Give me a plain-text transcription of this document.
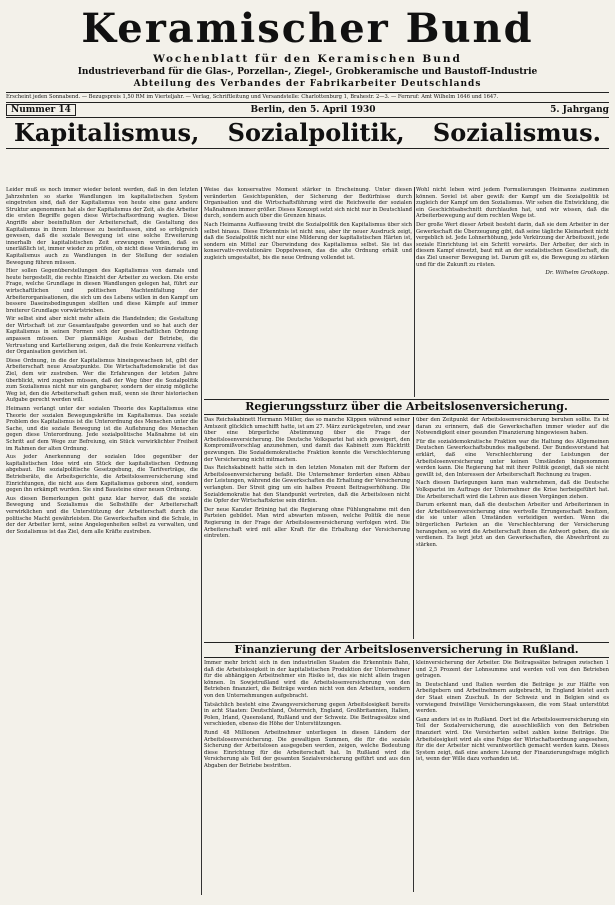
Keramischer Bund
Wochenblatt für den Keramischen Bund
Industrieverband für die Glas-, Porzellan-, Ziegel-, Grobkeramische und Baustoff-Industrie
Abteilung des Verbandes der Fabrikarbeiter Deutschlands
Erscheint jeden Sonnabend. — Bezugspreis 1,50 RM im Vierteljahr. — Verlag, Schriftleitung und Versandstelle: Charlottenburg 1, Brahestr. 2—3. — Fernruf: Amt Wilhelm 1646 und 1647.
Nummer 14	Berlin, den 5. April 1930	5. Jahrgang
Kapitalismus, Sozialpolitik, Sozialismus.

Leider muß es noch immer wieder betont werden, daß in den letzten Jahrzehnten so starke Wandlungen im kapitalistischen System eingetreten sind, daß der Kapitalismus von heute eine ganz andere Struktur angenommen hat als der Kapitalismus der Zeit, als die Arbeiter die ersten Begriffe gegen diese Wirtschaftsordnung wagten. Diese Angriffe aber beeinflußten der Arbeiterschaft, die Gestaltung des Kapitalismus in ihrem Interesse zu beeinflussen, sind so erfolgreich gewesen, daß die soziale Bewegung ist eine solche Erweiterung innerhalb der kapitalistischen Zeit erzwungen worden, daß es unerläßlich ist, immer wieder zu prüfen, ob nicht diese Veränderung im Kapitalismus auch zu Wandlungen in der Stellung der sozialen Bewegung führen müssen.

Hier sollen Gegenüberstellungen des Kapitalismus von damals und heute hergestellt, die rechte Einsicht der Arbeiter zu wecken. Die erste Frage, welche Grundlage in diesen Wandlungen gelegen hat, führt zur wirtschaftlichen und politischen Machtentfaltung der Arbeiterorganisationen, die sich um des Lebens willen in den Kampf um bessere Daseinsbedingungen stellten und diese Kämpfe auf immer breiterer Grundlage vorwärtstrieben.

Wir selbst sind aber nicht mehr allein die Handelnden; die Gestaltung der Wirtschaft ist zur Gesamtaufgabe geworden und so hat auch der Kapitalismus in seinen Formen sich der gesellschaftlichen Ordnung anpassen müssen. Der planmäßige Ausbau der Betriebe, die Vertrustung und Kartellierung zeigen, daß die freie Konkurrenz vielfach der Organisation gewichen ist.

Diese Ordnung, in die der Kapitalismus hineingewachsen ist, gibt der Arbeiterschaft neue Ansatzpunkte. Die Wirtschaftsdemokratie ist das Ziel, dem wir zustreben. Wer die Erfahrungen der letzten Jahre überblickt, wird zugeben müssen, daß der Weg über die Sozialpolitik zum Sozialismus nicht nur ein gangbarer, sondern der einzig mögliche Weg ist, den die Arbeiterschaft gehen muß, wenn sie ihrer historischen Aufgabe gerecht werden will.

Heimann verlangt unter der sozialen Theorie des Kapitalismus eine Theorie der sozialen Bewegungskräfte im Kapitalismus. Das soziale Problem des Kapitalismus ist die Unterordnung des Menschen unter die Sache, und die soziale Bewegung ist die Auflehnung des Menschen gegen diese Unterordnung. Jede sozialpolitische Maßnahme ist ein Schritt auf dem Wege zur Befreiung, ein Stück verwirklichter Freiheit im Rahmen der alten Ordnung.

Aus jeder Anerkennung der sozialen Idee gegenüber der kapitalistischen Idee wird ein Stück der kapitalistischen Ordnung abgebaut. Die sozialpolitische Gesetzgebung, die Tarifverträge, die Betriebsräte, die Arbeitsgerichte, die Arbeitslosenversicherung sind Einrichtungen, die nicht aus dem Kapitalismus geboren sind, sondern gegen ihn erkämpft wurden. Sie sind Bausteine einer neuen Ordnung.

Aus diesen Bemerkungen geht ganz klar hervor, daß die soziale Bewegung und Sozialismus die Selbsthilfe der Arbeiterschaft verwirklichen und die Unterstützung der Arbeiterschaft durch die politische Macht gewährleisten. Die Gewerkschaften sind die Schule, in der der Arbeiter lernt, seine Angelegenheiten selbst zu verwalten, und der Sozialismus ist das Ziel, dem alle Kräfte zustreben.

Weise das konservative Moment stärker in Erscheinung. Unter diesen veränderten Gesichtspunkten, der Sicherung der Bedürfnisse durch Organisation und die Wirtschaftsführung wird die Reichweite der sozialen Maßnahmen immer größer. Dieses Konzept setzt sich nicht nur in Deutschland durch, sondern auch über die Grenzen hinaus.

Nach Heimanns Auffassung treibt die Sozialpolitik den Kapitalismus über sich selbst hinaus. Diese Erkenntnis ist nicht neu, aber ihr neuer Ausdruck zeigt, daß die Sozialpolitik nicht nur eine Milderung der kapitalistischen Härten ist, sondern ein Mittel zur Überwindung des Kapitalismus selbst. Sie ist das konservativ-revolutionäre Doppelwesen, das die alte Ordnung erhält und zugleich umgestaltet, bis die neue Ordnung vollendet ist.

Wohl nicht leben wird jedem Formulierungen Heimanns zustimmen können. Soviel ist aber gewiß: der Kampf um die Sozialpolitik ist zugleich der Kampf um den Sozialismus. Wir sehen die Entwicklung, die ein Geschichtsabschnitt durchlaufen hat, und wir wissen, daß die Arbeiterbewegung auf dem rechten Wege ist.

Der große Wert dieser Arbeit besteht darin, daß sie dem Arbeiter in der Gewerkschaft die Überzeugung gibt, daß seine tägliche Kleinarbeit nicht vergeblich ist. Jede Lohnerhöhung, jede Verkürzung der Arbeitszeit, jede soziale Einrichtung ist ein Schritt vorwärts. Der Arbeiter, der sich in diesem Kampf einsetzt, baut mit an der sozialistischen Gesellschaft, die das Ziel unserer Bewegung ist. Darum gilt es, die Bewegung zu stärken und für die Zukunft zu rüsten.

Dr. Wilhelm Grotkopp.
Regierungssturz über die Arbeitslosenversicherung.

Das Reichskabinett Hermann Müller, das so manche Klippen während seiner Amtszeit glücklich umschifft hatte, ist am 27. März zurückgetreten, und zwar über eine bürgerliche Abstimmung über die Frage der Arbeitslosenversicherung. Die Deutsche Volkspartei hat sich geweigert, den Kompromißvorschlag anzunehmen, und damit das Kabinett zum Rücktritt gezwungen. Die Sozialdemokratische Fraktion konnte die Verschlechterung der Versicherung nicht mitmachen.

Das Reichskabinett hatte sich in den letzten Monaten mit der Reform der Arbeitslosenversicherung befaßt. Die Unternehmer forderten einen Abbau der Leistungen, während die Gewerkschaften die Erhaltung der Versicherung verlangten. Der Streit ging um ein halbes Prozent Beitragserhöhung. Die Sozialdemokratie hat den Standpunkt vertreten, daß die Arbeitslosen nicht die Opfer der Wirtschaftskrise sein dürfen.

Der neue Kanzler Brüning hat die Regierung ohne Fühlungnahme mit den Parteien gebildet. Man wird abwarten müssen, welche Politik die neue Regierung in der Frage der Arbeitslosenversicherung verfolgen wird. Die Arbeiterschaft wird mit aller Kraft für die Erhaltung der Versicherung eintreten.

über den Zeitpunkt der Arbeitslosenversicherung beruhen sollte. Es ist daran zu erinnern, daß die Gewerkschaften immer wieder auf die Notwendigkeit einer gesunden Finanzierung hingewiesen haben.

Für die sozialdemokratische Fraktion war die Haltung des Allgemeinen Deutschen Gewerkschaftsbundes maßgebend. Der Bundesvorstand hat erklärt, daß eine Verschlechterung der Leistungen der Arbeitslosenversicherung unter keinen Umständen hingenommen werden kann. Die Regierung hat mit ihrer Politik gezeigt, daß sie nicht gewillt ist, den Interessen der Arbeiterschaft Rechnung zu tragen.

Nach diesen Darlegungen kann man wahrnehmen, daß die Deutsche Volkspartei im Auftrage der Unternehmer die Krise herbeigeführt hat. Die Arbeiterschaft wird die Lehren aus diesen Vorgängen ziehen.

Darum erkennt man, daß die deutschen Arbeiter und Arbeiterinnen in der Arbeitslosenversicherung eine wertvolle Errungenschaft besitzen, die sie unter allen Umständen verteidigen werden. Wenn die bürgerlichen Parteien an die Verschlechterung der Versicherung herangehen, so wird die Arbeiterschaft ihnen die Antwort geben, die sie verdienen. Es liegt jetzt an den Gewerkschaften, die Abwehrfront zu stärken.

Finanzierung der Arbeitslosenversicherung in Rußland.

Immer mehr bricht sich in den industriellen Staaten die Erkenntnis Bahn, daß die Arbeitslosigkeit in der kapitalistischen Produktion der Unternehmer für die abhängigen Arbeitnehmer ein Risiko ist, das sie nicht allein tragen können. In Sowjetrußland wird die Arbeitslosenversicherung von den Betrieben finanziert, die Beiträge werden nicht von den Arbeitern, sondern von den Unternehmungen aufgebracht.

Tatsächlich besteht eine Zwangsversicherung gegen Arbeitslosigkeit bereits in acht Staaten: Deutschland, Österreich, England, Großbritannien, Italien, Polen, Irland, Queensland, Rußland und der Schweiz. Die Beitragssätze sind verschieden, ebenso die Höhe der Unterstützungen.

Rund 48 Millionen Arbeitnehmer unterliegen in diesen Ländern der Arbeitslosenversicherung. Die gewaltigen Summen, die für die soziale Sicherung der Arbeitslosen ausgegeben werden, zeigen, welche Bedeutung diese Einrichtung für die Arbeiterschaft hat. In Rußland wird die Versicherung als Teil der gesamten Sozialversicherung geführt und aus den Abgaben der Betriebe bestritten.

kleinversicherung der Arbeiter. Die Beitragssätze betragen zwischen 1 und 2,5 Prozent der Lohnsumme und werden voll von den Betrieben getragen.

In Deutschland und Italien werden die Beiträge je zur Hälfte von Arbeitgebern und Arbeitnehmern aufgebracht, in England leistet auch der Staat einen Zuschuß. In der Schweiz und in Belgien sind es vorwiegend freiwillige Versicherungskassen, die vom Staat unterstützt werden.

Ganz anders ist es in Rußland. Dort ist die Arbeitslosenversicherung ein Teil der Sozialversicherung, die ausschließlich von den Betrieben finanziert wird. Die Versicherten selbst zahlen keine Beiträge. Die Arbeitslosigkeit wird als eine Folge der Wirtschaftsordnung angesehen, für die der Arbeiter nicht verantwortlich gemacht werden kann. Dieses System zeigt, daß eine andere Lösung der Finanzierungsfrage möglich ist, wenn der Wille dazu vorhanden ist.
